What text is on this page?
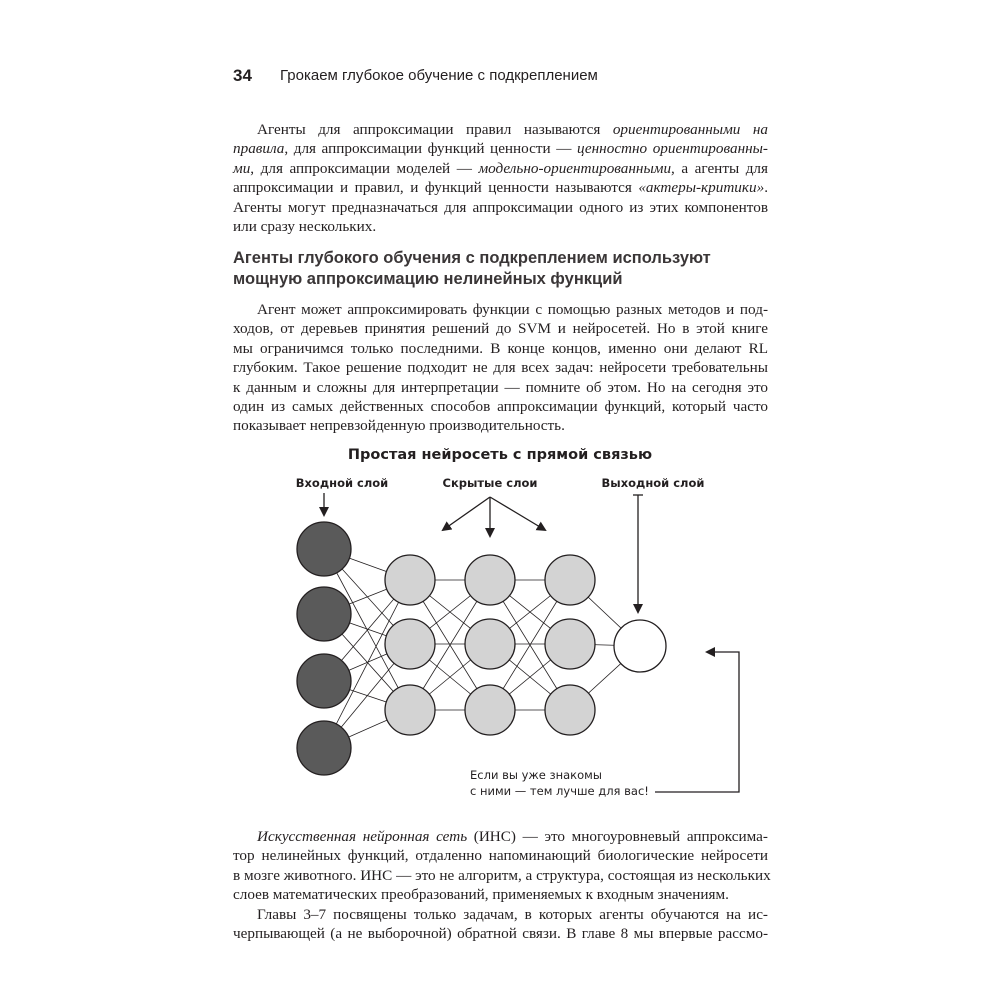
34 Грокаем глубокое обучение с подкреплением
Агенты для аппроксимации правил называются ориентированными на
правила, для аппроксимации функций ценности — ценностно ориентированны-
ми, для аппроксимации моделей — модельно-ориентированными, а агенты для
аппроксимации и правил, и функций ценности называются «актеры-критики».
Агенты могут предназначаться для аппроксимации одного из этих компонентов
или сразу нескольких.
Агенты глубокого обучения с подкреплением используют
мощную аппроксимацию нелинейных функций
Агент может аппроксимировать функции с помощью разных методов и под-
ходов, от деревьев принятия решений до SVM и нейросетей. Но в этой книге
мы ограничимся только последними. В конце концов, именно они делают RL
глубоким. Такое решение подходит не для всех задач: нейросети требовательны
к данным и сложны для интерпретации — помните об этом. Но на сегодня это
один из самых действенных способов аппроксимации функций, который часто
показывает непревзойденную производительность.
Простая нейросеть с прямой связью
Входной слой	Скрытые слои	Выходной слой
Если вы уже знакомы
с ними — тем лучше для вас!
Искусственная нейронная сеть (ИНС) — это многоуровневый аппроксима-
тор нелинейных функций, отдаленно напоминающий биологические нейросети
в мозге животного. ИНС — это не алгоритм, а структура, состоящая из нескольких
слоев математических преобразований, применяемых к входным значениям.
Главы 3–7 посвящены только задачам, в которых агенты обучаются на ис-
черпывающей (а не выборочной) обратной связи. В главе 8 мы впервые рассмо-
